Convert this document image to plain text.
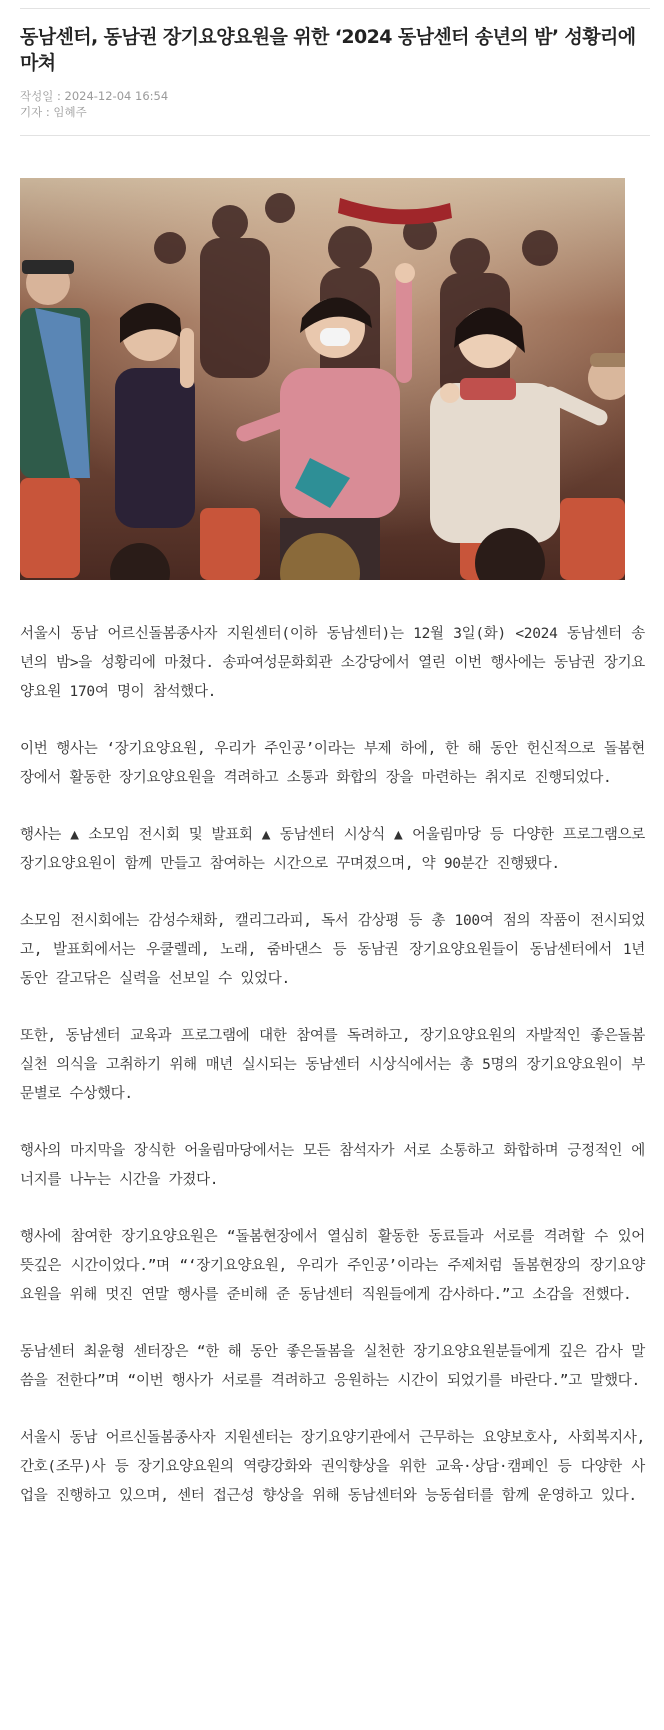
동남센터, 동남권 장기요양요원을 위한 ‘2024 동남센터 송년의 밤’ 성황리에 마쳐
작성일 : 2024-12-04 16:54
기자 : 임혜주

서울시 동남 어르신돌봄종사자 지원센터(이하 동남센터)는 12월 3일(화) <2024 동남센터 송년의 밤>을 성황리에 마쳤다. 송파여성문화회관 소강당에서 열린 이번 행사에는 동남권 장기요양요원 170여 명이 참석했다.

이번 행사는 ‘장기요양요원, 우리가 주인공’이라는 부제 하에, 한 해 동안 헌신적으로 돌봄현장에서 활동한 장기요양요원을 격려하고 소통과 화합의 장을 마련하는 취지로 진행되었다.

행사는 ▲ 소모임 전시회 및 발표회 ▲ 동남센터 시상식 ▲ 어울림마당 등 다양한 프로그램으로 장기요양요원이 함께 만들고 참여하는 시간으로 꾸며졌으며, 약 90분간 진행됐다.

소모임 전시회에는 감성수채화, 캘리그라피, 독서 감상평 등 총 100여 점의 작품이 전시되었고, 발표회에서는 우쿨렐레, 노래, 줌바댄스 등 동남권 장기요양요원들이 동남센터에서 1년 동안 갈고닦은 실력을 선보일 수 있었다.

또한, 동남센터 교육과 프로그램에 대한 참여를 독려하고, 장기요양요원의 자발적인 좋은돌봄 실천 의식을 고취하기 위해 매년 실시되는 동남센터 시상식에서는 총 5명의 장기요양요원이 부문별로 수상했다.

행사의 마지막을 장식한 어울림마당에서는 모든 참석자가 서로 소통하고 화합하며 긍정적인 에너지를 나누는 시간을 가졌다.

행사에 참여한 장기요양요원은 “돌봄현장에서 열심히 활동한 동료들과 서로를 격려할 수 있어 뜻깊은 시간이었다.”며 “‘장기요양요원, 우리가 주인공’이라는 주제처럼 돌봄현장의 장기요양요원을 위해 멋진 연말 행사를 준비해 준 동남센터 직원들에게 감사하다.”고 소감을 전했다.

동남센터 최윤형 센터장은 “한 해 동안 좋은돌봄을 실천한 장기요양요원분들에게 깊은 감사 말씀을 전한다”며 “이번 행사가 서로를 격려하고 응원하는 시간이 되었기를 바란다.”고 말했다.

서울시 동남 어르신돌봄종사자 지원센터는 장기요양기관에서 근무하는 요양보호사, 사회복지사, 간호(조무)사 등 장기요양요원의 역량강화와 권익향상을 위한 교육·상담·캠페인 등 다양한 사업을 진행하고 있으며, 센터 접근성 향상을 위해 동남센터와 능동쉼터를 함께 운영하고 있다.
